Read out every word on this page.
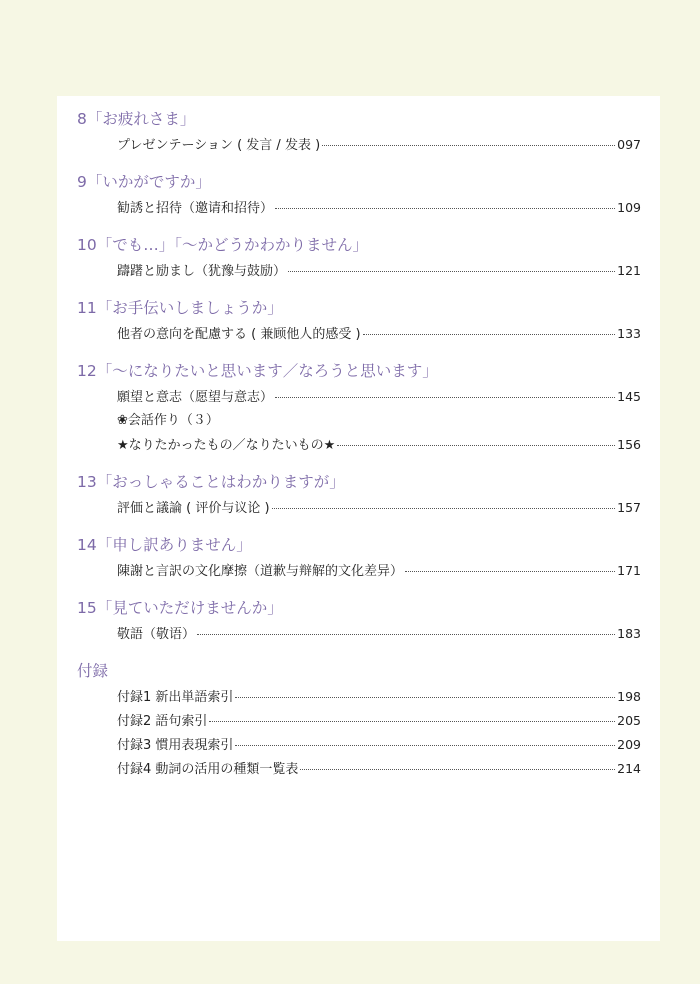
8「お疲れさま」
プレゼンテーション ( 发言 / 发表 )	097
9「いかがですか」
勧誘と招待（邀请和招待）	109
10「でも…」「～かどうかわかりません」
躊躇と励まし（犹豫与鼓励）	121
11「お手伝いしましょうか」
他者の意向を配慮する ( 兼顾他人的感受 )	133
12「～になりたいと思います／なろうと思います」
願望と意志（愿望与意志）	145
❀会話作り（３）
★なりたかったもの／なりたいもの★	156
13「おっしゃることはわかりますが」
評価と議論 ( 评价与议论 )	157
14「申し訳ありません」
陳謝と言訳の文化摩擦（道歉与辩解的文化差异）	171
15「見ていただけませんか」
敬語（敬语）	183
付録
付録1 新出単語索引	198
付録2 語句索引	205
付録3 慣用表現索引	209
付録4 動詞の活用の種類一覧表	214
